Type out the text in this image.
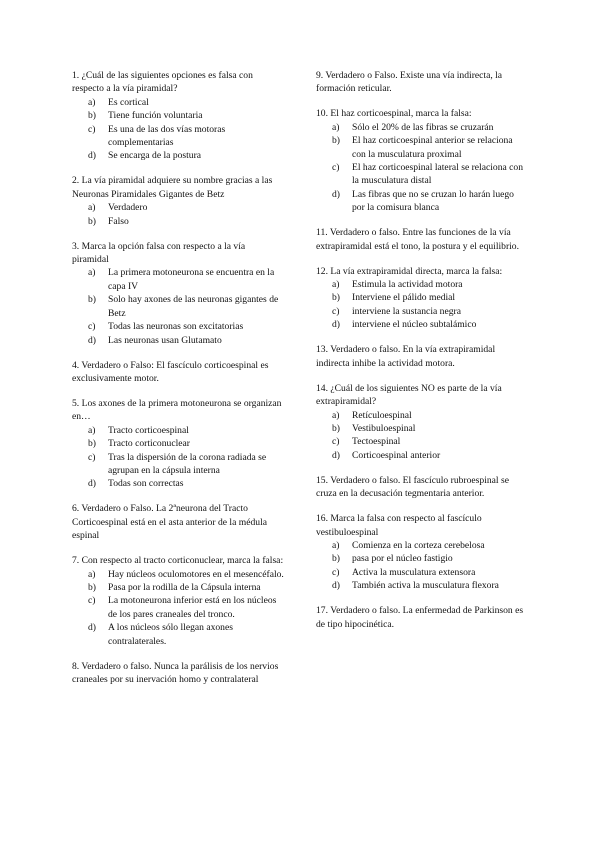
1. ¿Cuál de las siguientes opciones es falsa con respecto a la vía piramidal?

a)	Es cortical
b)	Tiene función voluntaria
c)	Es una de las dos vías motoras complementarias
d)	Se encarga de la postura

2. La vía piramidal adquiere su nombre gracias a las Neuronas Piramidales Gigantes de Betz

a)	Verdadero
b)	Falso

3. Marca la opción falsa con respecto a la vía piramidal

a)	La primera motoneurona se encuentra en la capa IV
b)	Solo hay axones de las neuronas gigantes de Betz
c)	Todas las neuronas son excitatorias
d)	Las neuronas usan Glutamato

4. Verdadero o Falso: El fascículo corticoespinal es exclusivamente motor.

5. Los axones de la primera motoneurona se organizan en…

a)	Tracto corticoespinal
b)	Tracto corticonuclear
c)	Tras la dispersión de la corona radiada se agrupan en la cápsula interna
d)	Todas son correctas

6. Verdadero o Falso. La 2ªneurona del Tracto Corticoespinal está en el asta anterior de la médula espinal

7. Con respecto al tracto corticonuclear, marca la falsa:

a)	Hay núcleos oculomotores en el mesencéfalo.
b)	Pasa por la rodilla de la Cápsula interna
c)	La motoneurona inferior está en los núcleos de los pares craneales del tronco.
d)	A los núcleos sólo llegan axones contralaterales.

8. Verdadero o falso. Nunca la parálisis de los nervios craneales por su inervación homo y contralateral

9. Verdadero o Falso. Existe una vía indirecta, la formación reticular.

10. El haz corticoespinal, marca la falsa:

a)	Sólo el 20% de las fibras se cruzarán
b)	El haz corticoespinal anterior se relaciona con la musculatura proximal
c)	El haz corticoespinal lateral se relaciona con la musculatura distal
d)	Las fibras que no se cruzan lo harán luego por la comisura blanca

11. Verdadero o falso. Entre las funciones de la vía extrapiramidal está el tono, la postura y el equilibrio.

12. La vía extrapiramidal directa, marca la falsa:

a)	Estimula la actividad motora
b)	Interviene el pálido medial
c)	interviene la sustancia negra
d)	interviene el núcleo subtalámico

13. Verdadero o falso. En la vía extrapiramidal indirecta inhibe la actividad motora.

14. ¿Cuál de los siguientes NO es parte de la vía extrapiramidal?

a)	Retículoespinal
b)	Vestibuloespinal
c)	Tectoespinal
d)	Corticoespinal anterior

15. Verdadero o falso. El fascículo rubroespinal se cruza en la decusación tegmentaria anterior.

16. Marca la falsa con respecto al fascículo vestibuloespinal

a)	Comienza en la corteza cerebelosa
b)	pasa por el núcleo fastigio
c)	Activa la musculatura extensora
d)	También activa la musculatura flexora

17. Verdadero o falso. La enfermedad de Parkinson es de tipo hipocinética.
